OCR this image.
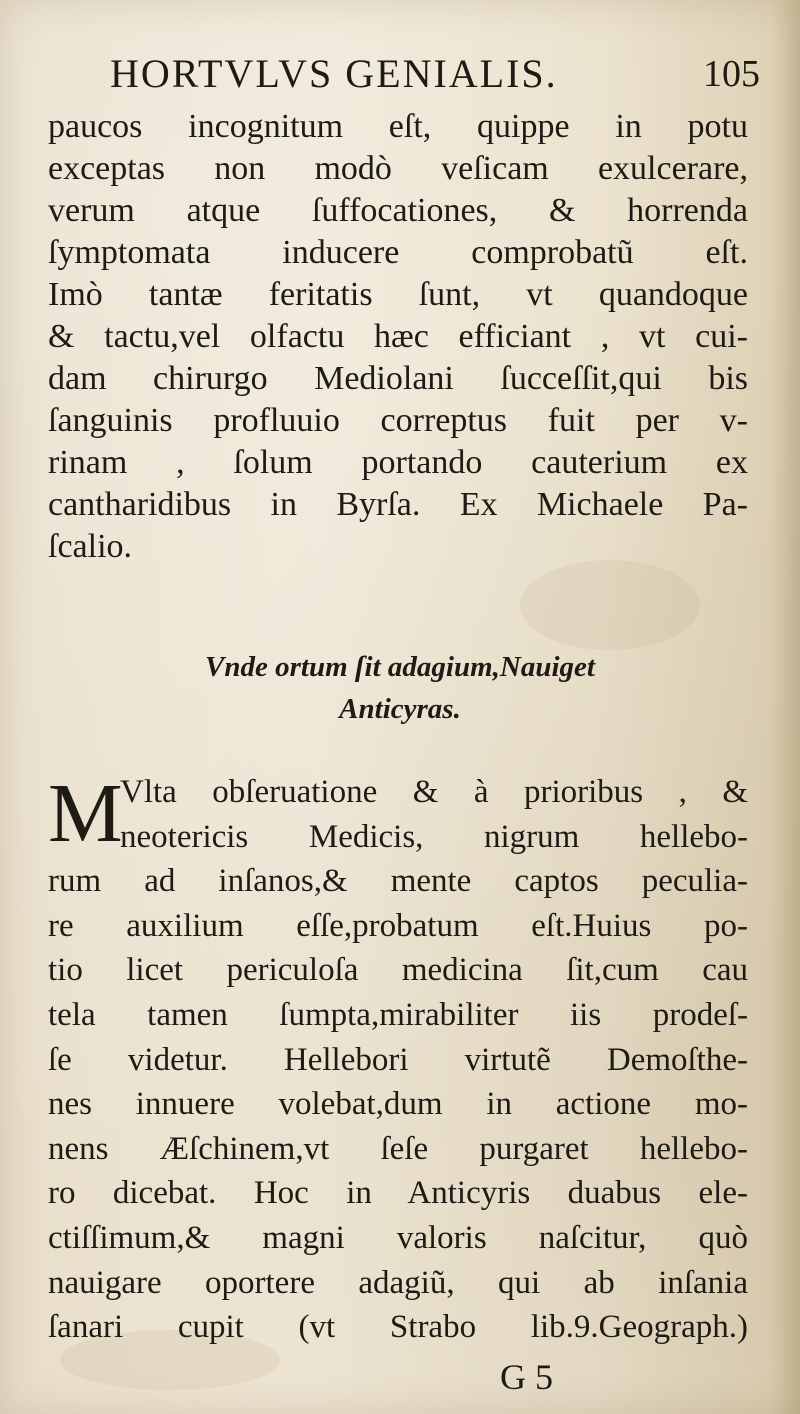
HORTVLVS GENIALIS.	105
paucos incognitum eſt, quippe in potu
exceptas non modò veſicam exulcerare,
verum atque ſuffocationes, & horrenda
ſymptomata inducere comprobatũ eſt.
Imò tantæ feritatis ſunt, vt quandoque
& tactu,vel olfactu hæc efficiant , vt cui-
dam chirurgo Mediolani ſucceſſit,qui bis
ſanguinis profluuio correptus fuit per v-
rinam , ſolum portando cauterium ex
cantharidibus in Byrſa. Ex Michaele Pa-
ſcalio.
Vnde ortum ſit adagium,Nauiget
Anticyras.
M
Vlta obſeruatione & à prioribus , &
neotericis Medicis, nigrum hellebo-
rum ad inſanos,& mente captos peculia-
re auxilium eſſe,probatum eſt.Huius po-
tio licet periculoſa medicina ſit,cum cau
tela tamen ſumpta,mirabiliter iis prodeſ-
ſe videtur. Hellebori virtutẽ Demoſthe-
nes innuere volebat,dum in actione mo-
nens Æſchinem,vt ſeſe purgaret hellebo-
ro dicebat. Hoc in Anticyris duabus ele-
ctiſſimum,& magni valoris naſcitur, quò
nauigare oportere adagiũ, qui ab inſania
ſanari cupit (vt Strabo lib.9.Geograph.)
G 5
